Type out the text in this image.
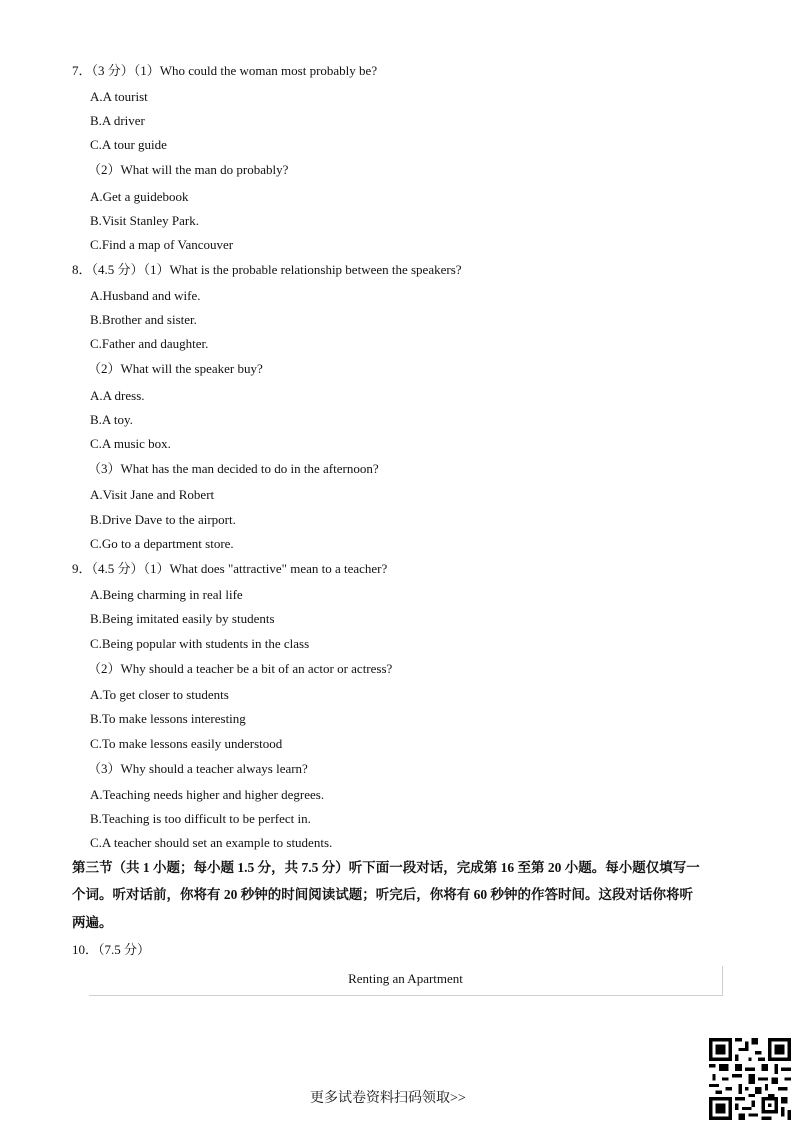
7．（3 分）（1）Who could the woman most probably be?
A.A tourist
B.A driver
C.A tour guide
（2）What will the man do probably?
A.Get a guidebook
B.Visit Stanley Park.
C.Find a map of Vancouver
8．（4.5 分）（1）What is the probable relationship between the speakers?
A.Husband and wife.
B.Brother and sister.
C.Father and daughter.
（2）What will the speaker buy?
A.A dress.
B.A toy.
C.A music box.
（3）What has the man decided to do in the afternoon?
A.Visit Jane and Robert
B.Drive Dave to the airport.
C.Go to a department store.
9．（4.5 分）（1）What does "attractive" mean to a teacher?
A.Being charming in real life
B.Being imitated easily by students
C.Being popular with students in the class
（2）Why should a teacher be a bit of an actor or actress?
A.To get closer to students
B.To make lessons interesting
C.To make lessons easily understood
（3）Why should a teacher always learn?
A.Teaching needs higher and higher degrees.
B.Teaching is too difficult to be perfect in.
C.A teacher should set an example to students.
第三节（共 1 小题；每小题 1.5 分，共 7.5 分）听下面一段对话，完成第 16 至第 20 小题。每小题仅填写一
个词。听对话前，你将有 20 秒钟的时间阅读试题；听完后，你将有 60 秒钟的作答时间。这段对话你将听
两遍。
10．（7.5 分）
Renting an Apartment
更多试卷资料扫码领取>>
